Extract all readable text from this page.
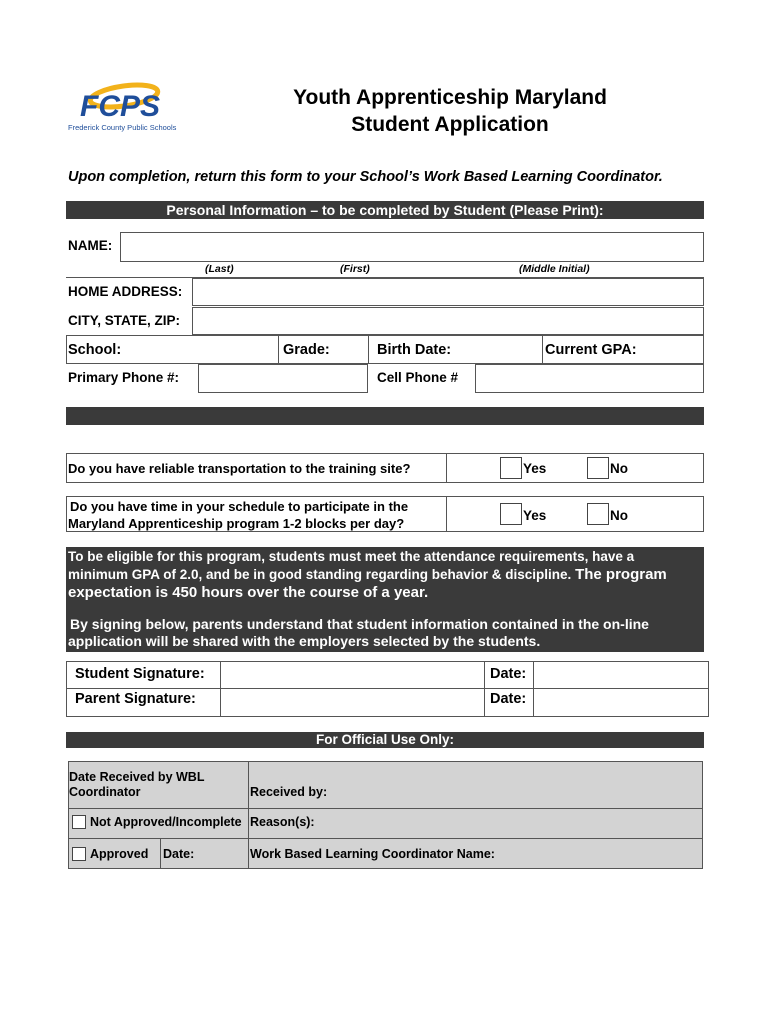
FCPS
Frederick County Public Schools
Youth Apprenticeship Maryland
Student Application
Upon completion, return this form to your School’s Work Based Learning Coordinator.
Personal Information – to be completed by Student (Please Print):
NAME:
(Last)	(First)	(Middle Initial)
HOME ADDRESS:
CITY, STATE, ZIP:
School:	Grade:	Birth Date:	Current GPA:
Primary Phone #:	Cell Phone #
Do you have reliable transportation to the training site?	Yes	No
Do you have time in your schedule to participate in the
Maryland Apprenticeship program 1-2 blocks per day?
Yes	No
To be eligible for this program, students must meet the attendance requirements, have a
minimum GPA of 2.0, and be in good standing regarding behavior & discipline. The program
expectation is 450 hours over the course of a year.
By signing below, parents understand that student information contained in the on-line
application will be shared with the employers selected by the students.
Student Signature:	Date:
Parent Signature:	Date:
For Official Use Only:
Date Received by WBL
Coordinator	Received by:
Not Approved/Incomplete Reason(s):
Approved Date:	Work Based Learning Coordinator Name:
